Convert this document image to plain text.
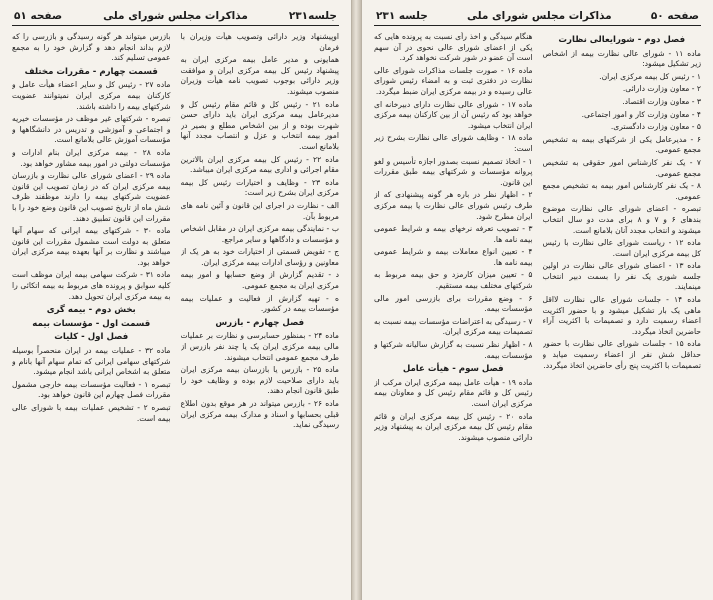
جلسه۲۳۱
مذاکرات مجلس شورای ملی
صفحه ۵۱

اوپیشنهاد وزیر دارائی وتصویب هیأت وزیران با فرمان

همایونی و مدیر عامل بیمه مرکزی ایران به پیشنهاد رئیس کل بیمه مرکزی ایران و موافقت وزیر دارائی بوجوب تصویب نامه هیأت وزیران منصوب میشوند.

ماده ۲۱ - رئیس کل و قائم مقام رئیس کل و مدیرعامل بیمه مرکزی ایران باید دارای حسن شهرت بوده و از بین اشخاص مطلع و بصیر در امور بیمه انتخاب و عزل و انتصاب مجدد آنها بلامانع است.

ماده ۲۲ - رئیس کل بیمه مرکزی ایران بالاترین مقام اجرائی و اداری بیمه مرکزی ایران میباشد.

ماده ۲۳ - وظایف و اختیارات رئیس کل بیمه مرکزی ایران بشرح زیر است:

الف - نظارت در اجرای این قانون و آئین نامه های مربوط بآن.

ب - نمایندگی بیمه مرکزی ایران در مقابل اشخاص و مؤسسات و دادگاهها و سایر مراجع.

ج - تفویض قسمتی از اختیارات خود به هر یک از معاونین و رؤسای ادارات بیمه مرکزی ایران.

د - تقدیم گزارش از وضع حسابها و امور بیمه مرکزی ایران به مجمع عمومی.

ه - تهیه گزارش از فعالیت و عملیات بیمه مؤسسات بیمه در کشور.

فصل چهارم - بازرس

ماده ۲۴ - بمنظور حسابرسی و نظارت بر عملیات مالی بیمه مرکزی ایران یک یا چند نفر بازرس از طرف مجمع عمومی انتخاب میشوند.

ماده ۲۵ - بازرس یا بازرسان بیمه مرکزی ایران باید دارای صلاحیت لازم بوده و وظایف خود را طبق قانون انجام دهند.

ماده ۲۶ - بازرس میتواند در هر موقع بدون اطلاع قبلی بحسابها و اسناد و مدارک بیمه مرکزی ایران رسیدگی نماید.

بازرس میتواند هر گونه رسیدگی و بازرسی را که لازم بداند انجام دهد و گزارش خود را به مجمع عمومی تسلیم کند.

قسمت چهارم - مقررات مختلف

ماده ۲۷ - رئیس کل و سایر اعضاء هیأت عامل و کارکنان بیمه مرکزی ایران نمیتوانند عضویت شرکتهای بیمه را داشته باشند.

تبصره - شرکتهای غیر موظف در مؤسسات خیریه و اجتماعی و آموزشی و تدریس در دانشگاهها و مؤسسات آموزش عالی بلامانع است.

ماده ۲۸ - بیمه مرکزی ایران بنام ادارات و مؤسسات دولتی در امور بیمه مشاور خواهد بود.

ماده ۲۹ - اعضای شورای عالی نظارت و بازرسان بیمه مرکزی ایران که در زمان تصویب این قانون عضویت شرکتهای بیمه را دارند موظفند ظرف شش ماه از تاریخ تصویب این قانون وضع خود را با مقررات این قانون تطبیق دهند.

ماده ۳۰ - شرکتهای بیمه ایرانی که سهام آنها متعلق به دولت است مشمول مقررات این قانون میباشند و نظارت بر آنها بعهده بیمه مرکزی ایران خواهد بود.

ماده ۳۱ - شرکت سهامی بیمه ایران موظف است کلیه سوابق و پرونده های مربوط به بیمه اتکائی را به بیمه مرکزی ایران تحویل دهد.

بخش دوم - بیمه گری
قسمت اول - مؤسسات بیمه
فصل اول - کلیات

ماده ۳۲ - عملیات بیمه در ایران منحصراً بوسیله شرکتهای سهامی ایرانی که تمام سهام آنها بانام و متعلق به اشخاص ایرانی باشد انجام میشود.

تبصره ۱ - فعالیت مؤسسات بیمه خارجی مشمول مقررات فصل چهارم این قانون خواهد بود.

تبصره ۲ - تشخیص عملیات بیمه با شورای عالی بیمه است.

صفحه ۵۰
مذاکرات مجلس شورای ملی
جلسه ۲۳۱
فصل دوم - شورایعالی نظارت

ماده ۱۱ - شورای عالی نظارت بیمه از اشخاص زیر تشکیل میشود:

۱ - رئیس کل بیمه مرکزی ایران.

۲ - معاون وزارت دارائی.

۳ - معاون وزارت اقتصاد.

۴ - معاون وزارت کار و امور اجتماعی.

۵ - معاون وزارت دادگستری.

۶ - مدیرعامل یکی از شرکتهای بیمه به تشخیص مجمع عمومی.

۷ - یک نفر کارشناس امور حقوقی به تشخیص مجمع عمومی.

۸ - یک نفر کارشناس امور بیمه به تشخیص مجمع عمومی.

تبصره - اعضای شورای عالی نظارت موضوع بندهای ۶ و ۷ و ۸ برای مدت دو سال انتخاب میشوند و انتخاب مجدد آنان بلامانع است.

ماده ۱۲ - ریاست شورای عالی نظارت با رئیس کل بیمه مرکزی ایران است.

ماده ۱۳ - اعضای شورای عالی نظارت در اولین جلسه شوری یک نفر را بسمت دبیر انتخاب مینمایند.

ماده ۱۴ - جلسات شورای عالی نظارت لااقل ماهی یک بار تشکیل میشود و با حضور اکثریت اعضاء رسمیت دارد و تصمیمات با اکثریت آراء حاضرین اتخاذ میگردد.

ماده ۱۵ - جلسات شورای عالی نظارت با حضور حداقل شش نفر از اعضاء رسمیت میابد و تصمیمات با اکثریت پنج رأی حاضرین اتخاذ میگردد.

هنگام سیدگی و اخذ رأی نسبت به پرونده هایی که یکی از اعضای شورای عالی نحوی در آن سهم است آن عضو در شور شرکت نخواهد کرد.

ماده ۱۶ - صورت جلسات مذاکرات شورای عالی نظارت در دفتری ثبت و به امضاء رئیس شورای عالی رسیده و در بیمه مرکزی ایران ضبط میگردد.

ماده ۱۷ - شورای عالی نظارت دارای دبیرخانه ای خواهد بود که رئیس آن از بین کارکنان بیمه مرکزی ایران انتخاب میشود.

ماده ۱۸ - وظایف شورای عالی نظارت بشرح زیر است:

۱ - اتخاذ تصمیم نسبت بصدور اجازه تأسیس و لغو پروانه مؤسسات و شرکتهای بیمه طبق مقررات این قانون.

۲ - اظهار نظر در باره هر گونه پیشنهادی که از طرف رئیس شورای عالی نظارت یا بیمه مرکزی ایران مطرح شود.

۳ - تصویب تعرفه نرخهای بیمه و شرایط عمومی بیمه نامه ها.

۴ - تعیین انواع معاملات بیمه و شرایط عمومی بیمه نامه ها.

۵ - تعیین میزان کارمزد و حق بیمه مربوط به شرکتهای مختلف بیمه مستقیم.

۶ - وضع مقررات برای بازرسی امور مالی مؤسسات بیمه.

۷ - رسیدگی به اعتراضات مؤسسات بیمه نسبت به تصمیمات بیمه مرکزی ایران.

۸ - اظهار نظر نسبت به گزارش سالیانه شرکتها و مؤسسات بیمه.

فصل سوم - هیأت عامل

ماده ۱۹ - هیأت عامل بیمه مرکزی ایران مرکب از رئیس کل و قائم مقام رئیس کل و معاونان بیمه مرکزی ایران است.

ماده ۲۰ - رئیس کل بیمه مرکزی ایران و قائم مقام رئیس کل بیمه مرکزی ایران به پیشنهاد وزیر دارائی منصوب میشوند.
